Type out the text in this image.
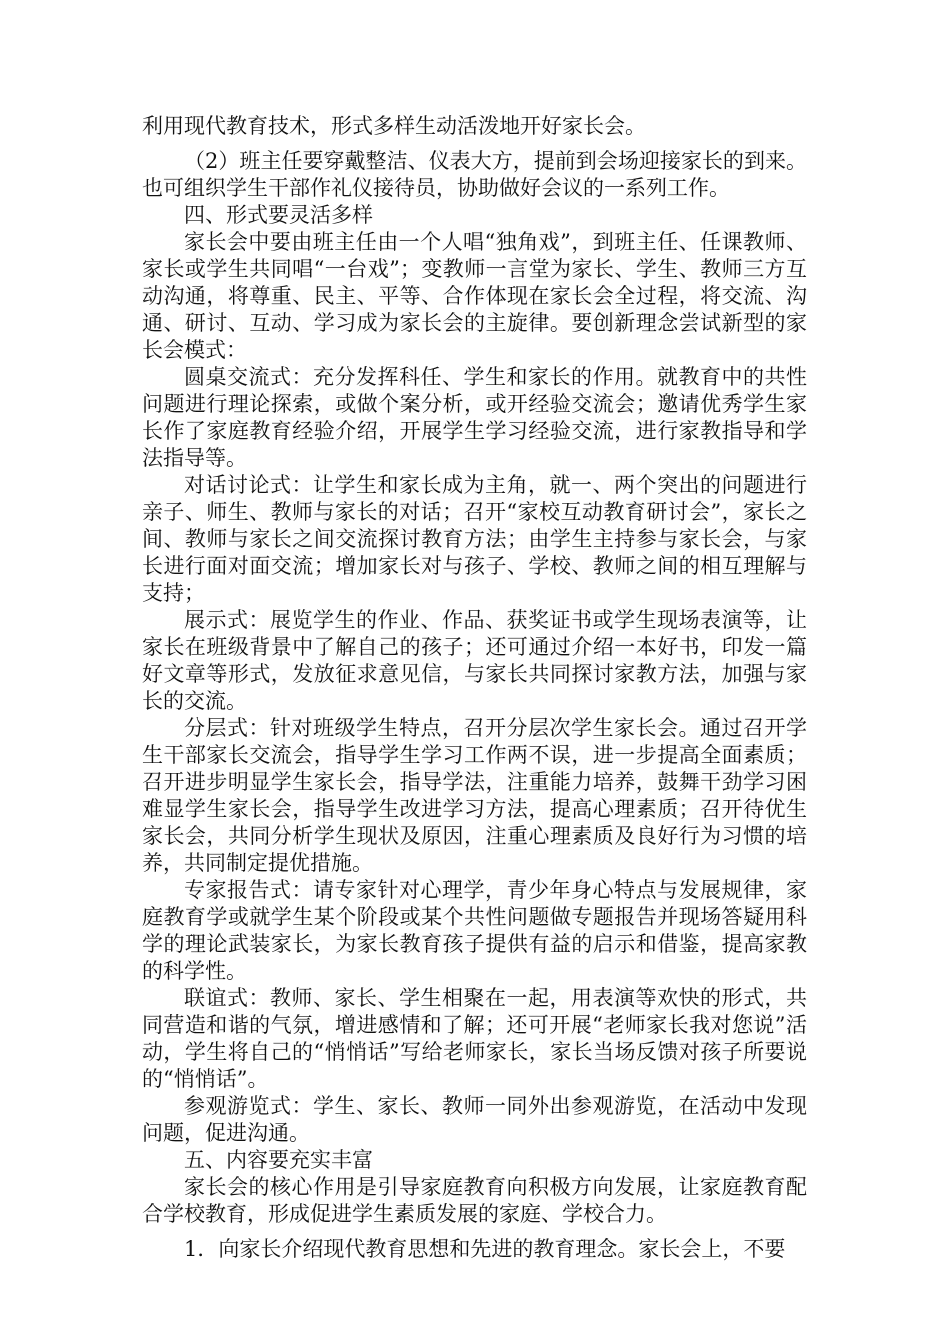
利用现代教育技术，形式多样生动活泼地开好家长会。

（2）班主任要穿戴整洁、仪表大方，提前到会场迎接家长的到来。也可组织学生干部作礼仪接待员，协助做好会议的一系列工作。

四、形式要灵活多样

家长会中要由班主任由一个人唱“独角戏”，到班主任、任课教师、家长或学生共同唱“一台戏”；变教师一言堂为家长、学生、教师三方互动沟通，将尊重、民主、平等、合作体现在家长会全过程，将交流、沟通、研讨、互动、学习成为家长会的主旋律。要创新理念尝试新型的家长会模式：

圆桌交流式：充分发挥科任、学生和家长的作用。就教育中的共性问题进行理论探索，或做个案分析，或开经验交流会；邀请优秀学生家长作了家庭教育经验介绍，开展学生学习经验交流，进行家教指导和学法指导等。

对话讨论式：让学生和家长成为主角，就一、两个突出的问题进行亲子、师生、教师与家长的对话；召开“家校互动教育研讨会”，家长之间、教师与家长之间交流探讨教育方法；由学生主持参与家长会，与家长进行面对面交流；增加家长对与孩子、学校、教师之间的相互理解与支持；

展示式：展览学生的作业、作品、获奖证书或学生现场表演等，让家长在班级背景中了解自己的孩子；还可通过介绍一本好书，印发一篇好文章等形式，发放征求意见信，与家长共同探讨家教方法，加强与家长的交流。

分层式：针对班级学生特点，召开分层次学生家长会。通过召开学生干部家长交流会，指导学生学习工作两不误，进一步提高全面素质；召开进步明显学生家长会，指导学法，注重能力培养，鼓舞干劲学习困难显学生家长会，指导学生改进学习方法，提高心理素质；召开待优生家长会，共同分析学生现状及原因，注重心理素质及良好行为习惯的培养，共同制定提优措施。

专家报告式：请专家针对心理学，青少年身心特点与发展规律，家庭教育学或就学生某个阶段或某个共性问题做专题报告并现场答疑用科学的理论武装家长，为家长教育孩子提供有益的启示和借鉴，提高家教的科学性。

联谊式：教师、家长、学生相聚在一起，用表演等欢快的形式，共同营造和谐的气氛，增进感情和了解；还可开展“老师家长我对您说”活动，学生将自己的“悄悄话”写给老师家长，家长当场反馈对孩子所要说的“悄悄话”。

参观游览式：学生、家长、教师一同外出参观游览，在活动中发现问题，促进沟通。

五、内容要充实丰富

家长会的核心作用是引导家庭教育向积极方向发展，让家庭教育配合学校教育，形成促进学生素质发展的家庭、学校合力。

1．向家长介绍现代教育思想和先进的教育理念。家长会上，不要
